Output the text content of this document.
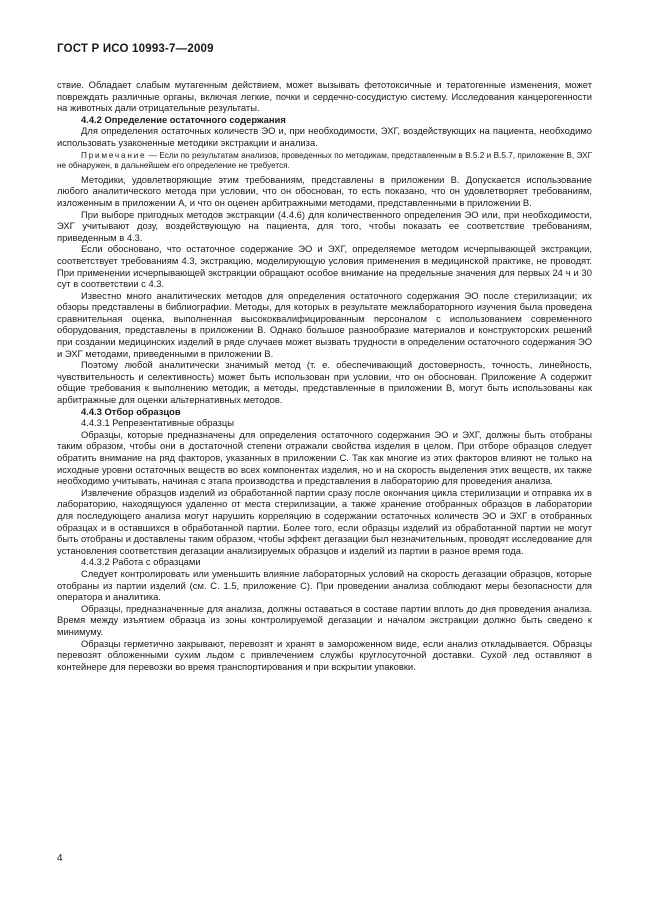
ГОСТ Р ИСО 10993-7—2009

ствие. Обладает слабым мутагенным действием, может вызывать фетотоксичные и тератогенные изменения, может повреждать различные органы, включая легкие, почки и сердечно-сосудистую систему. Исследования канцерогенности на животных дали отрицательные результаты.

4.4.2 Определение остаточного содержания

Для определения остаточных количеств ЭО и, при необходимости, ЭХГ, воздействующих на пациента, необходимо использовать узаконенные методики экстракции и анализа.

Примечание — Если по результатам анализов, проведенных по методикам, представленным в В.5.2 и В.5.7, приложение В, ЭХГ не обнаружен, в дальнейшем его определение не требуется.

Методики, удовлетворяющие этим требованиям, представлены в приложении В. Допускается использование любого аналитического метода при условии, что он обоснован, то есть показано, что он удовлетворяет требованиям, изложенным в приложении А, и что он оценен арбитражными методами, представленными в приложении В.

При выборе пригодных методов экстракции (4.4.6) для количественного определения ЭО или, при необходимости, ЭХГ учитывают дозу, воздействующую на пациента, для того, чтобы показать ее соответствие требованиям, приведенным в 4.3.

Если обосновано, что остаточное содержание ЭО и ЭХГ, определяемое методом исчерпывающей экстракции, соответствует требованиям 4.3, экстракцию, моделирующую условия применения в медицинской практике, не проводят. При применении исчерпывающей экстракции обращают особое внимание на предельные значения для первых 24 ч и 30 сут в соответствии с 4.3.

Известно много аналитических методов для определения остаточного содержания ЭО после стерилизации; их обзоры представлены в библиографии. Методы, для которых в результате межлабораторного изучения была проведена сравнительная оценка, выполненная высококвалифицированным персоналом с использованием современного оборудования, представлены в приложении В. Однако большое разнообразие материалов и конструкторских решений при создании медицинских изделий в ряде случаев может вызвать трудности в определении остаточного содержания ЭО и ЭХГ методами, приведенными в приложении В.

Поэтому любой аналитически значимый метод (т. е. обеспечивающий достоверность, точность, линейность, чувствительность и селективность) может быть использован при условии, что он обоснован. Приложение А содержит общие требования к выполнению методик, а методы, представленные в приложении В, могут быть использованы как арбитражные для оценки альтернативных методов.

4.4.3 Отбор образцов

4.4.3.1 Репрезентативные образцы

Образцы, которые предназначены для определения остаточного содержания ЭО и ЭХГ, должны быть отобраны таким образом, чтобы они в достаточной степени отражали свойства изделия в целом. При отборе образцов следует обратить внимание на ряд факторов, указанных в приложении С. Так как многие из этих факторов влияют не только на исходные уровни остаточных веществ во всех компонентах изделия, но и на скорость выделения этих веществ, их также необходимо учитывать, начиная с этапа производства и представления в лабораторию для проведения анализа.

Извлечение образцов изделий из обработанной партии сразу после окончания цикла стерилизации и отправка их в лабораторию, находящуюся удаленно от места стерилизации, а также хранение отобранных образцов в лаборатории для последующего анализа могут нарушить корреляцию в содержании остаточных количеств ЭО и ЭХГ в отобранных образцах и в оставшихся в обработанной партии. Более того, если образцы изделий из обработанной партии не могут быть отобраны и доставлены таким образом, чтобы эффект дегазации был незначительным, проводят исследование для установления соответствия дегазации анализируемых образцов и изделий из партии в разное время года.

4.4.3.2 Работа с образцами

Следует контролировать или уменьшить влияние лабораторных условий на скорость дегазации образцов, которые отобраны из партии изделий (см. С. 1.5, приложение С). При проведении анализа соблюдают меры безопасности для оператора и аналитика.

Образцы, предназначенные для анализа, должны оставаться в составе партии вплоть до дня проведения анализа. Время между изъятием образца из зоны контролируемой дегазации и началом экстракции должно быть сведено к минимуму.

Образцы герметично закрывают, перевозят и хранят в замороженном виде, если анализ откладывается. Образцы перевозят обложенными сухим льдом с привлечением службы круглосуточной доставки. Сухой лед оставляют в контейнере для перевозки во время транспортирования и при вскрытии упаковки.

4
